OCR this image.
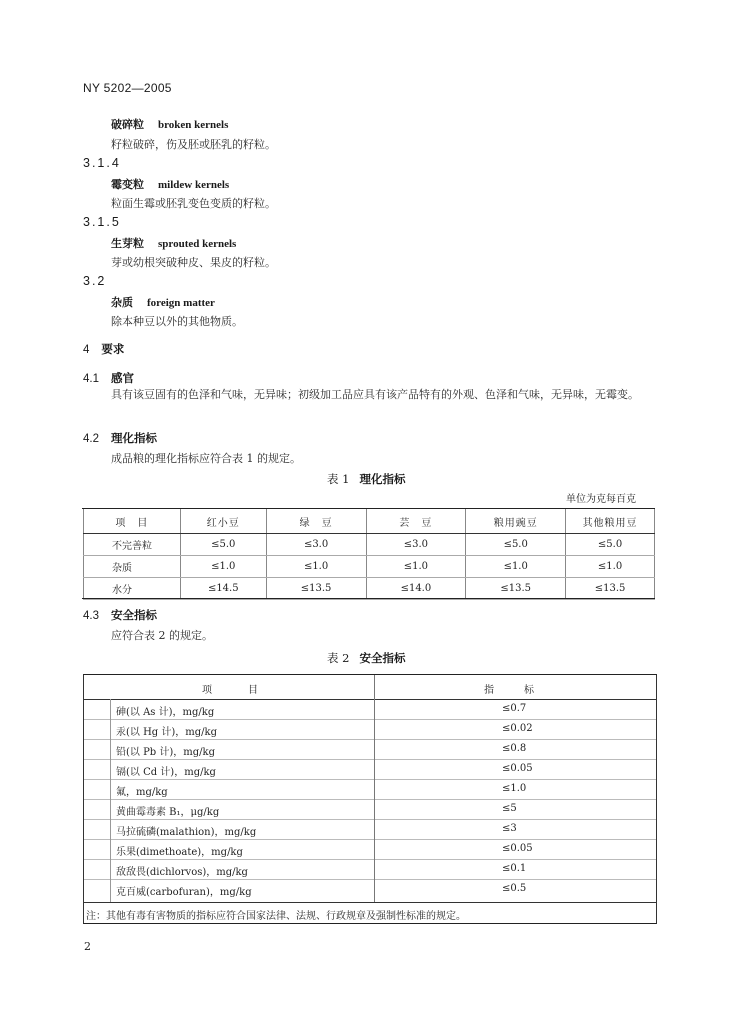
NY 5202—2005
破碎粒 broken kernels
籽粒破碎，伤及胚或胚乳的籽粒。
3.1.4
霉变粒 mildew kernels
粒面生霉或胚乳变色变质的籽粒。
3.1.5
生芽粒 sprouted kernels
芽或幼根突破种皮、果皮的籽粒。
3.2
杂质 foreign matter
除本种豆以外的其他物质。
4 要求
4.1 感官
具有该豆固有的色泽和气味，无异味；初级加工品应具有该产品特有的外观、色泽和气味，无异味，无霉变。
4.2 理化指标
成品粮的理化指标应符合表 1 的规定。
表 1 理化指标
单位为克每百克
项　目	红小豆	绿　豆	芸　豆	粮用豌豆	其他粮用豆
不完善粒	≤5.0	≤3.0	≤3.0	≤5.0	≤5.0
杂质	≤1.0	≤1.0	≤1.0	≤1.0	≤1.0
水分	≤14.5	≤13.5	≤14.0	≤13.5	≤13.5
4.3 安全指标
应符合表 2 的规定。
表 2 安全指标
项目	指标
砷(以 As 计)，mg/kg	≤0.7
汞(以 Hg 计)，mg/kg	≤0.02
铅(以 Pb 计)，mg/kg	≤0.8
镉(以 Cd 计)，mg/kg	≤0.05
氟，mg/kg	≤1.0
黄曲霉毒素 B₁，μg/kg	≤5
马拉硫磷(malathion)，mg/kg	≤3
乐果(dimethoate)，mg/kg	≤0.05
敌敌畏(dichlorvos)，mg/kg	≤0.1
克百威(carbofuran)，mg/kg	≤0.5
注：其他有毒有害物质的指标应符合国家法律、法规、行政规章及强制性标准的规定。
2
